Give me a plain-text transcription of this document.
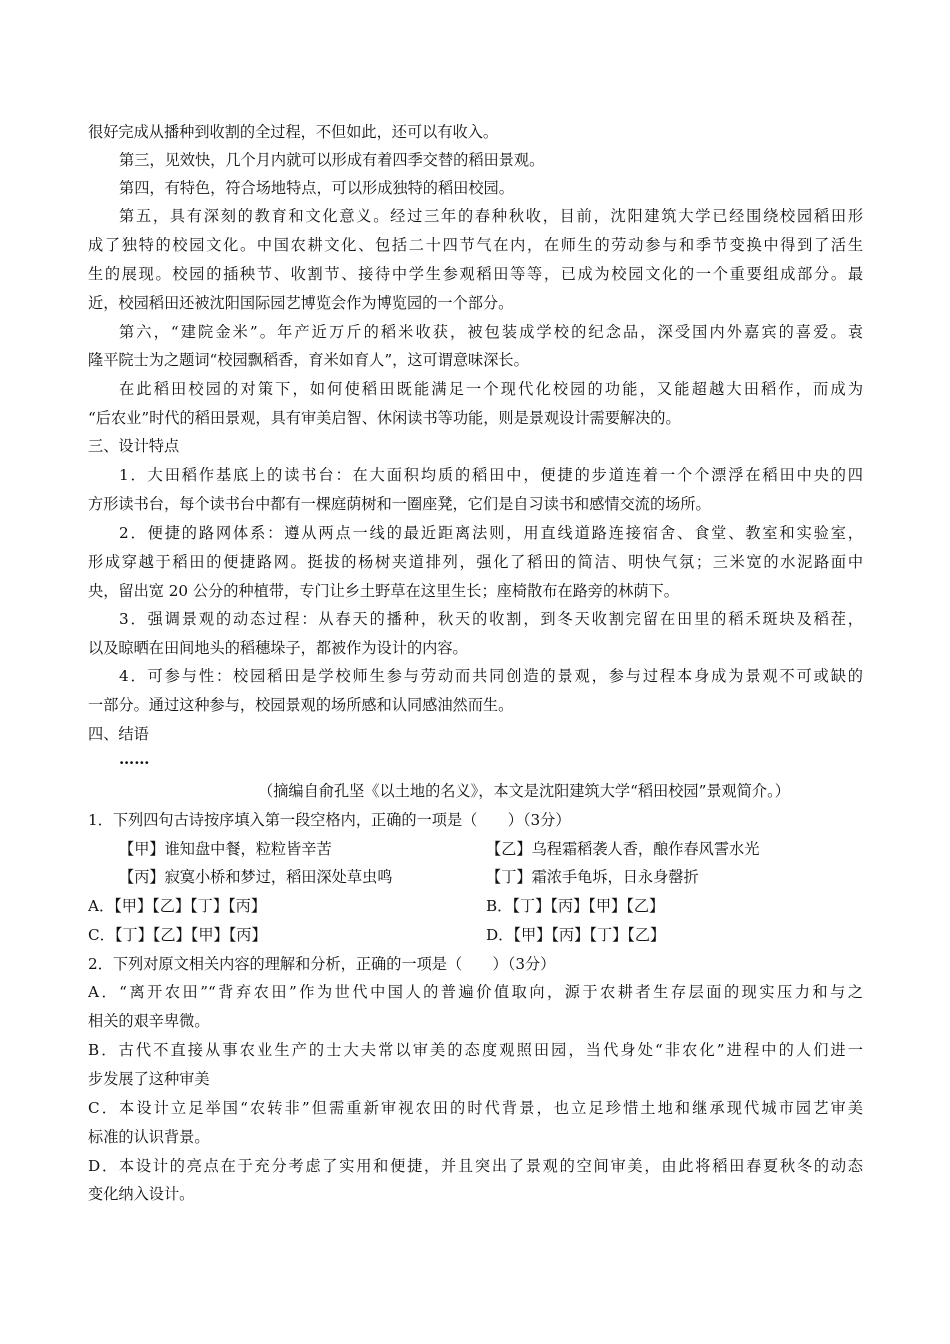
很好完成从播种到收割的全过程，不但如此，还可以有收入。
第三，见效快，几个月内就可以形成有着四季交替的稻田景观。
第四，有特色，符合场地特点，可以形成独特的稻田校园。
第五，具有深刻的教育和文化意义。经过三年的春种秋收，目前，沈阳建筑大学已经围绕校园稻田形
成了独特的校园文化。中国农耕文化、包括二十四节气在内，在师生的劳动参与和季节变换中得到了活生
生的展现。校园的插秧节、收割节、接待中学生参观稻田等等，已成为校园文化的一个重要组成部分。最
近，校园稻田还被沈阳国际园艺博览会作为博览园的一个部分。
第六，“建院金米”。年产近万斤的稻米收获，被包装成学校的纪念品，深受国内外嘉宾的喜爱。袁
隆平院士为之题词“校园飘稻香，育米如育人”，这可谓意味深长。
在此稻田校园的对策下，如何使稻田既能满足一个现代化校园的功能，又能超越大田稻作，而成为
“后农业”时代的稻田景观，具有审美启智、休闲读书等功能，则是景观设计需要解决的。
三、设计特点
1．大田稻作基底上的读书台：在大面积均质的稻田中，便捷的步道连着一个个漂浮在稻田中央的四
方形读书台，每个读书台中都有一棵庭荫树和一圈座凳，它们是自习读书和感情交流的场所。
2．便捷的路网体系：遵从两点一线的最近距离法则，用直线道路连接宿舍、食堂、教室和实验室，
形成穿越于稻田的便捷路网。挺拔的杨树夹道排列，强化了稻田的简洁、明快气氛；三米宽的水泥路面中
央，留出宽 20 公分的种植带，专门让乡土野草在这里生长；座椅散布在路旁的林荫下。
3．强调景观的动态过程：从春天的播种，秋天的收割，到冬天收割完留在田里的稻禾斑块及稻茬，
以及晾晒在田间地头的稻穗垛子，都被作为设计的内容。
4．可参与性：校园稻田是学校师生参与劳动而共同创造的景观，参与过程本身成为景观不可或缺的
一部分。通过这种参与，校园景观的场所感和认同感油然而生。
四、结语
……
（摘编自俞孔坚《以土地的名义》，本文是沈阳建筑大学“稻田校园”景观简介。）
1．下列四句古诗按序填入第一段空格内，正确的一项是（　　）（3分）
【甲】谁知盘中餐，粒粒皆辛苦	【乙】乌程霜稻袭人香，酿作春风霅水光
【丙】寂寞小桥和梦过，稻田深处草虫鸣	【丁】霜浓手龟坼，日永身罄折
A．【甲】【乙】【丁】【丙】	B．【丁】【丙】【甲】【乙】
C．【丁】【乙】【甲】【丙】	D．【甲】【丙】【丁】【乙】
2．下列对原文相关内容的理解和分析，正确的一项是（　　）（3分）
A．“离开农田”“背弃农田”作为世代中国人的普遍价值取向，源于农耕者生存层面的现实压力和与之
相关的艰辛卑微。
B．古代不直接从事农业生产的士大夫常以审美的态度观照田园，当代身处“非农化”进程中的人们进一
步发展了这种审美
C．本设计立足举国“农转非”但需重新审视农田的时代背景，也立足珍惜土地和继承现代城市园艺审美
标准的认识背景。
D．本设计的亮点在于充分考虑了实用和便捷，并且突出了景观的空间审美，由此将稻田春夏秋冬的动态
变化纳入设计。
